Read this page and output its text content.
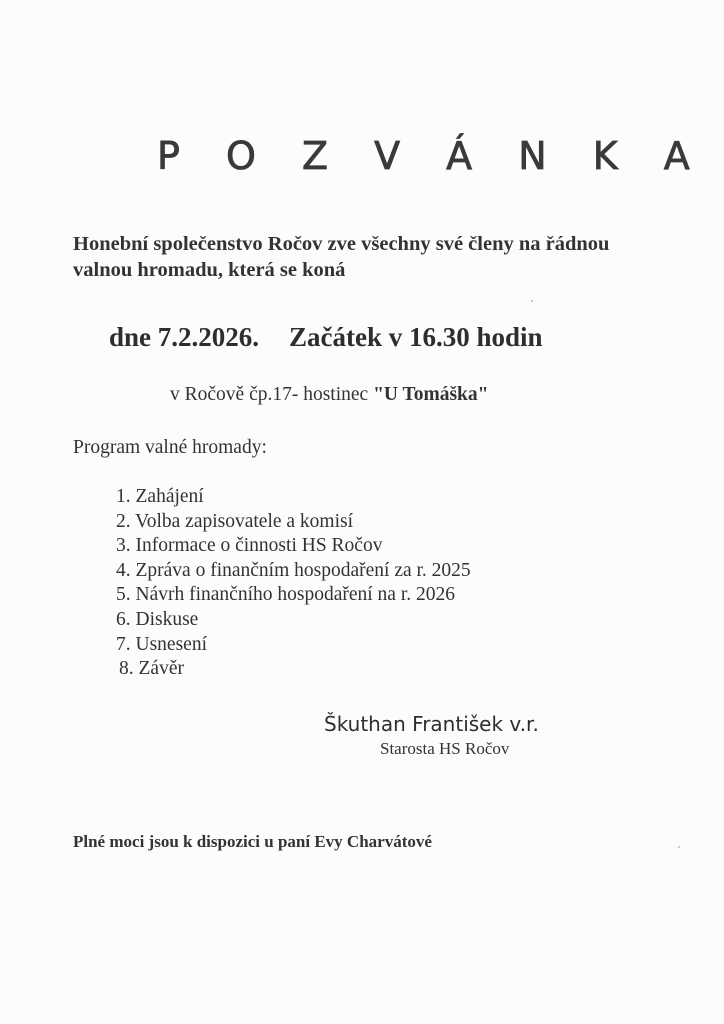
P O Z V Á N K A
Honební společenstvo Ročov zve všechny své členy na řádnou valnou hromadu, která se koná
dne 7.2.2026. Začátek v 16.30 hodin
v Ročově čp.17- hostinec "U Tomáška"
Program valné hromady:
1. Zahájení
2. Volba zapisovatele a komisí
3. Informace o činnosti HS Ročov
4. Zpráva o finančním hospodaření za r. 2025
5. Návrh finančního hospodaření na r. 2026
6. Diskuse
7. Usnesení
8. Závěr
Škuthan František v.r.
Starosta HS Ročov
Plné moci jsou k dispozici u paní Evy Charvátové
